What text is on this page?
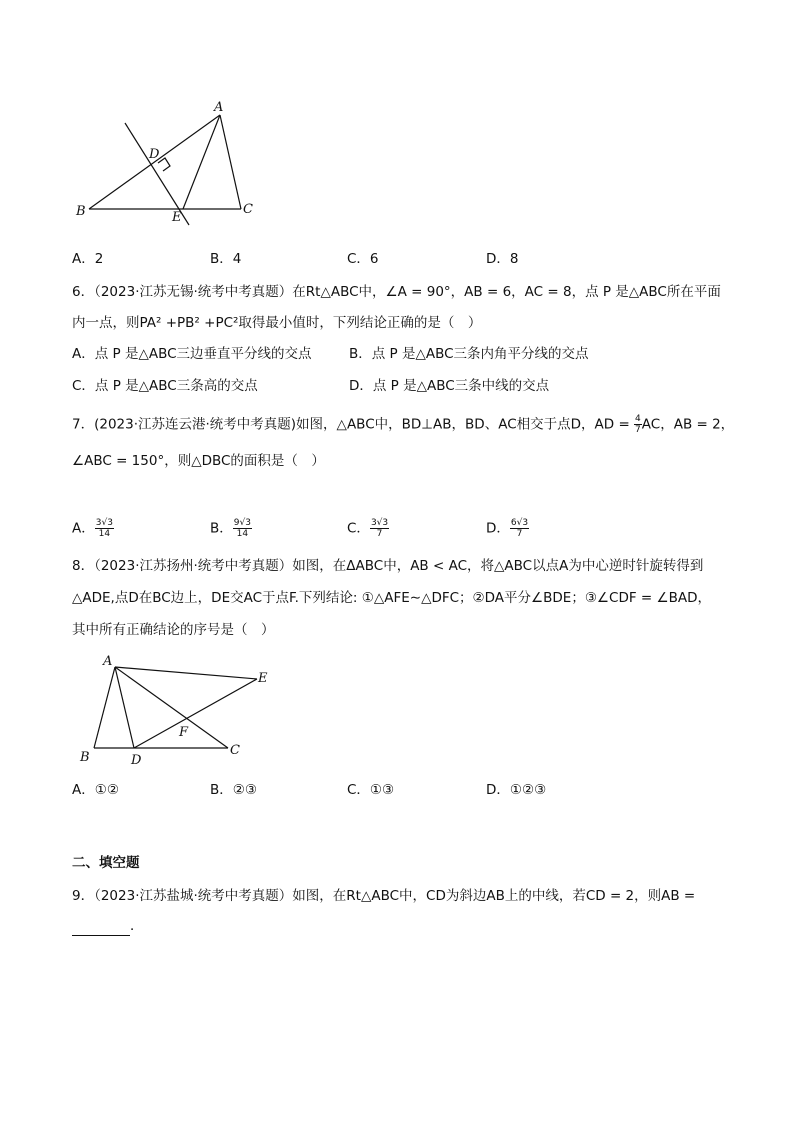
A
B	C
D
E
A．2	B．4	C．6	D．8
6．（2023·江苏无锡·统考中考真题）在Rt△ABC中，∠A = 90°，AB = 6，AC = 8，点 P 是△ABC所在平面
内一点，则PA² +PB² +PC²取得最小值时，下列结论正确的是（　）
A．点 P 是△ABC三边垂直平分线的交点	B．点 P 是△ABC三条内角平分线的交点
C．点 P 是△ABC三条高的交点	D．点 P 是△ABC三条中线的交点
7．(2023·江苏连云港·统考中考真题)如图，△ABC中，BD⊥AB，BD、AC相交于点D，AD = $\frac{4}{7}$ AC，AB = 2，
∠ABC = 150°，则△DBC的面积是（　）
A． $\frac{3√3}{14}$	B． $\frac{9√3}{14}$	C． $\frac{3√3}{7}$	D． $\frac{6√3}{7}$
8．（2023·江苏扬州·统考中考真题）如图，在ΔABC中，AB < AC，将△ABC以点A为中心逆时针旋转得到
△ADE,点D在BC边上，DE交AC于点F.下列结论: ①△AFE∼△DFC；②DA平分∠BDE；③∠CDF = ∠BAD，
其中所有正确结论的序号是（　）
A
B	C
D
E
F
A．①②	B．②③	C．①③	D．①②③
二、填空题
9．（2023·江苏盐城·统考中考真题）如图，在Rt△ABC中，CD为斜边AB上的中线，若CD = 2，则AB =
．
